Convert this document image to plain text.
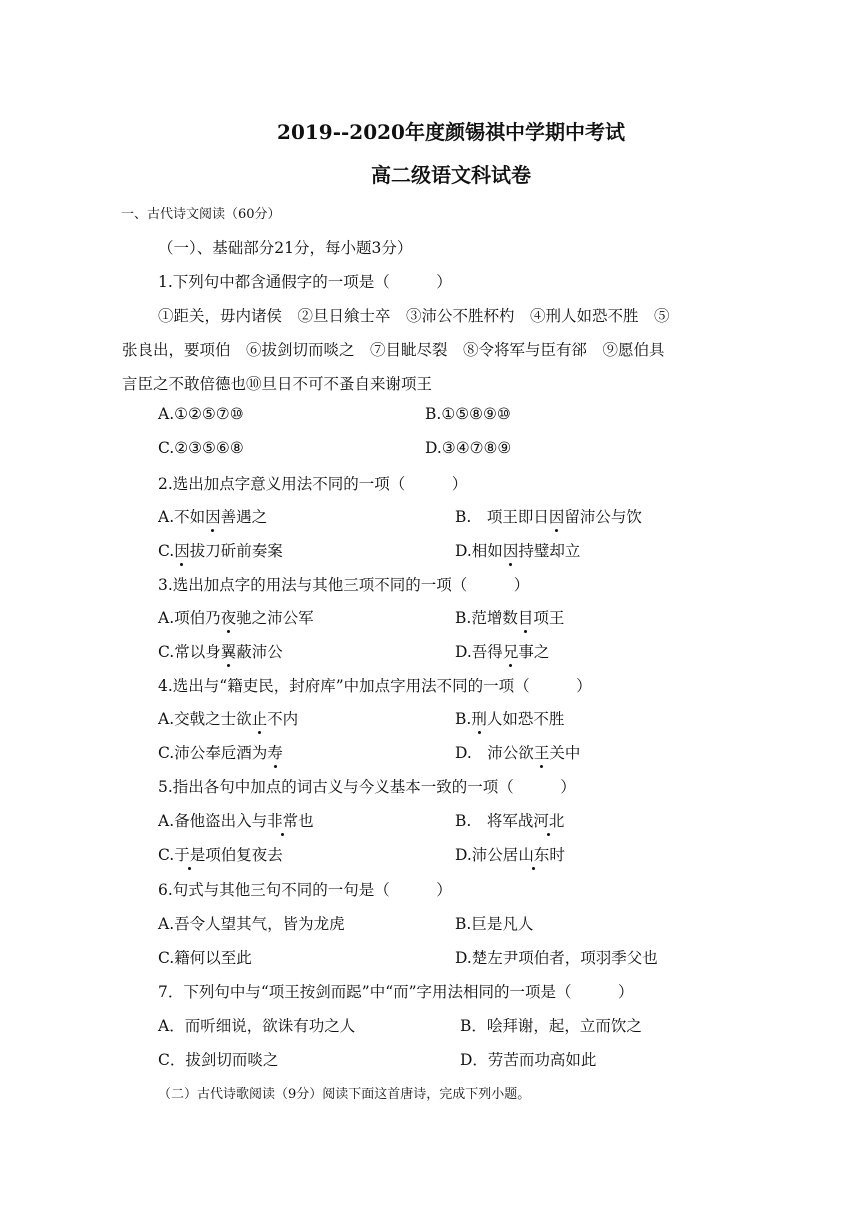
2019--2020年度颜锡祺中学期中考试
高二级语文科试卷
一、古代诗文阅读（60分）
（一）、基础部分21分，每小题3分）
1.下列句中都含通假字的一项是（　　　）
①距关，毋内诸侯　②旦日飨士卒　③沛公不胜杯杓　④刑人如恐不胜　⑤
张良出，要项伯　⑥拔剑切而啖之　⑦目眦尽裂　⑧令将军与臣有郤　⑨愿伯具
言臣之不敢倍德也⑩旦日不可不蚤自来谢项王
A.①②⑤⑦⑩	B.①⑤⑧⑨⑩
C.②③⑤⑥⑧	D.③④⑦⑧⑨
2.选出加点字意义用法不同的一项（　　　）
A.不如因善遇之	B.　项王即日因留沛公与饮
C.因拔刀斫前奏案	D.相如因持璧却立
3.选出加点字的用法与其他三项不同的一项（　　　）
A.项伯乃夜驰之沛公军	B.范增数目项王
C.常以身翼蔽沛公	D.吾得兄事之
4.选出与“籍吏民，封府库”中加点字用法不同的一项（　　　）
A.交戟之士欲止不内	B.刑人如恐不胜
C.沛公奉卮酒为寿	D.　沛公欲王关中
5.指出各句中加点的词古义与今义基本一致的一项（　　　）
A.备他盗出入与非常也	B.　将军战河北
C.于是项伯复夜去	D.沛公居山东时
6.句式与其他三句不同的一句是（　　　）
A.吾令人望其气，皆为龙虎	B.巨是凡人
C.籍何以至此	D.楚左尹项伯者，项羽季父也
7．下列句中与“项王按剑而跽”中“而”字用法相同的一项是（　　　）
A．而听细说，欲诛有功之人	B．哙拜谢，起，立而饮之
C．拔剑切而啖之	D．劳苦而功高如此
（二）古代诗歌阅读（9分）阅读下面这首唐诗，完成下列小题。
